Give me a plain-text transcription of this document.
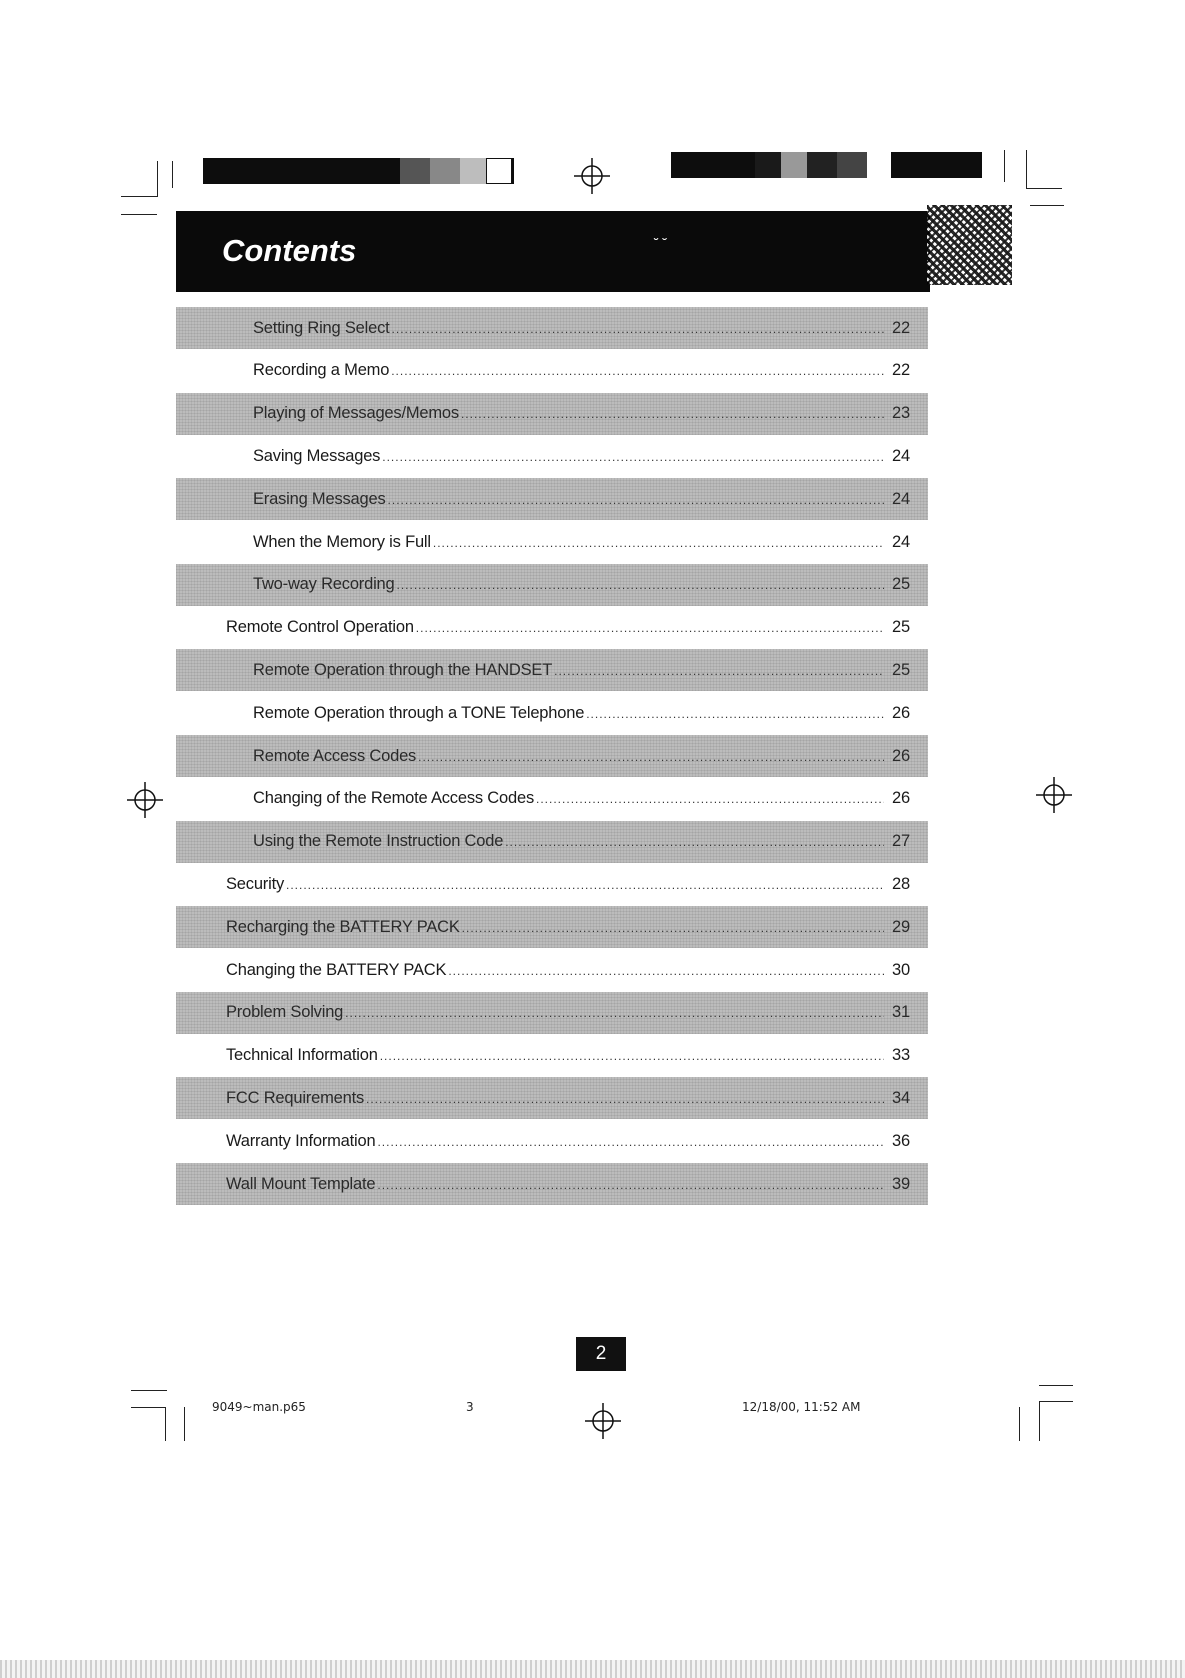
Contents	˘ ˘
Setting Ring Select .....	22
Recording a Memo .....	22
Playing of Messages/Memos .....	23
Saving Messages .....	24
Erasing Messages .....	24
When the Memory is Full .....	24
Two-way Recording .....	25
Remote Control Operation .....	25
Remote Operation through the HANDSET .....	25
Remote Operation through a TONE Telephone .....	26
Remote Access Codes .....	26
Changing of the Remote Access Codes .....	26
Using the Remote Instruction Code .....	27
Security .....	28
Recharging the BATTERY PACK .....	29
Changing the BATTERY PACK .....	30
Problem Solving .....	31
Technical Information .....	33
FCC Requirements .....	34
Warranty Information .....	36
Wall Mount Template .....	39
2
9049~man.p65	3	12/18/00, 11:52 AM
